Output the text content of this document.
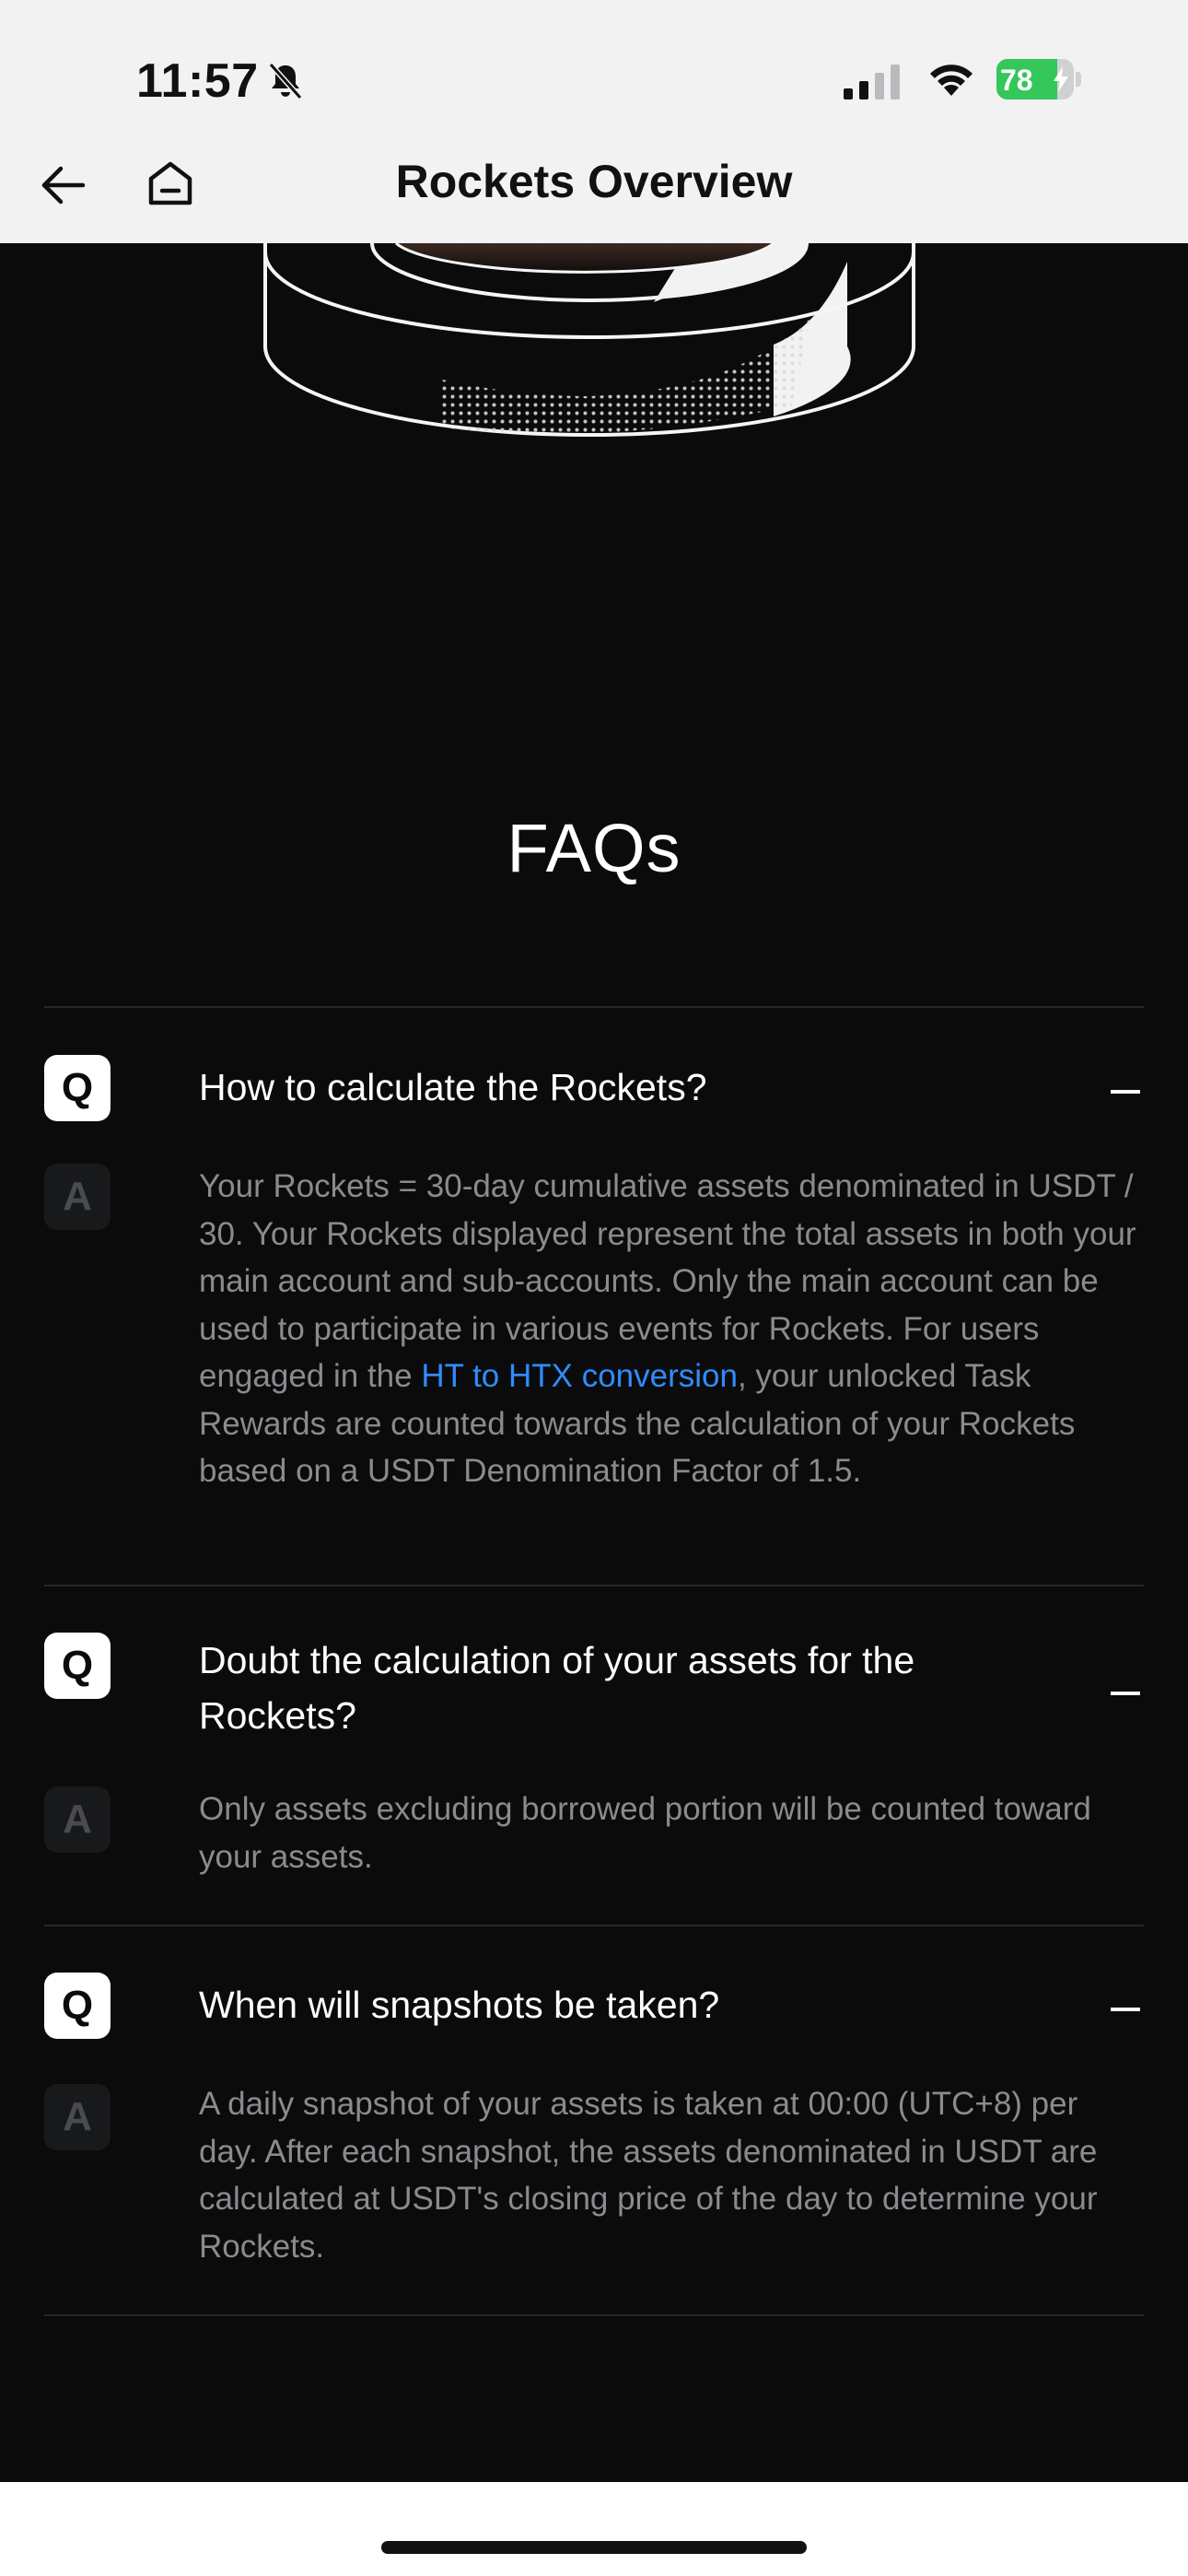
11:57	78
Rockets Overview
FAQs
Q	How to calculate the Rockets?
A	Your Rockets = 30-day cumulative assets denominated in USDT / 30. Your Rockets displayed represent the total assets in both your main account and sub-accounts. Only the main account can be used to participate in various events for Rockets. For users engaged in the HT to HTX conversion, your unlocked Task Rewards are counted towards the calculation of your Rockets based on a USDT Denomination Factor of 1.5.
Q	Doubt the calculation of your assets for the Rockets?
A	Only assets excluding borrowed portion will be counted toward your assets.
Q	When will snapshots be taken?
A	A daily snapshot of your assets is taken at 00:00 (UTC+8) per day. After each snapshot, the assets denominated in USDT are calculated at USDT's closing price of the day to determine your Rockets.
